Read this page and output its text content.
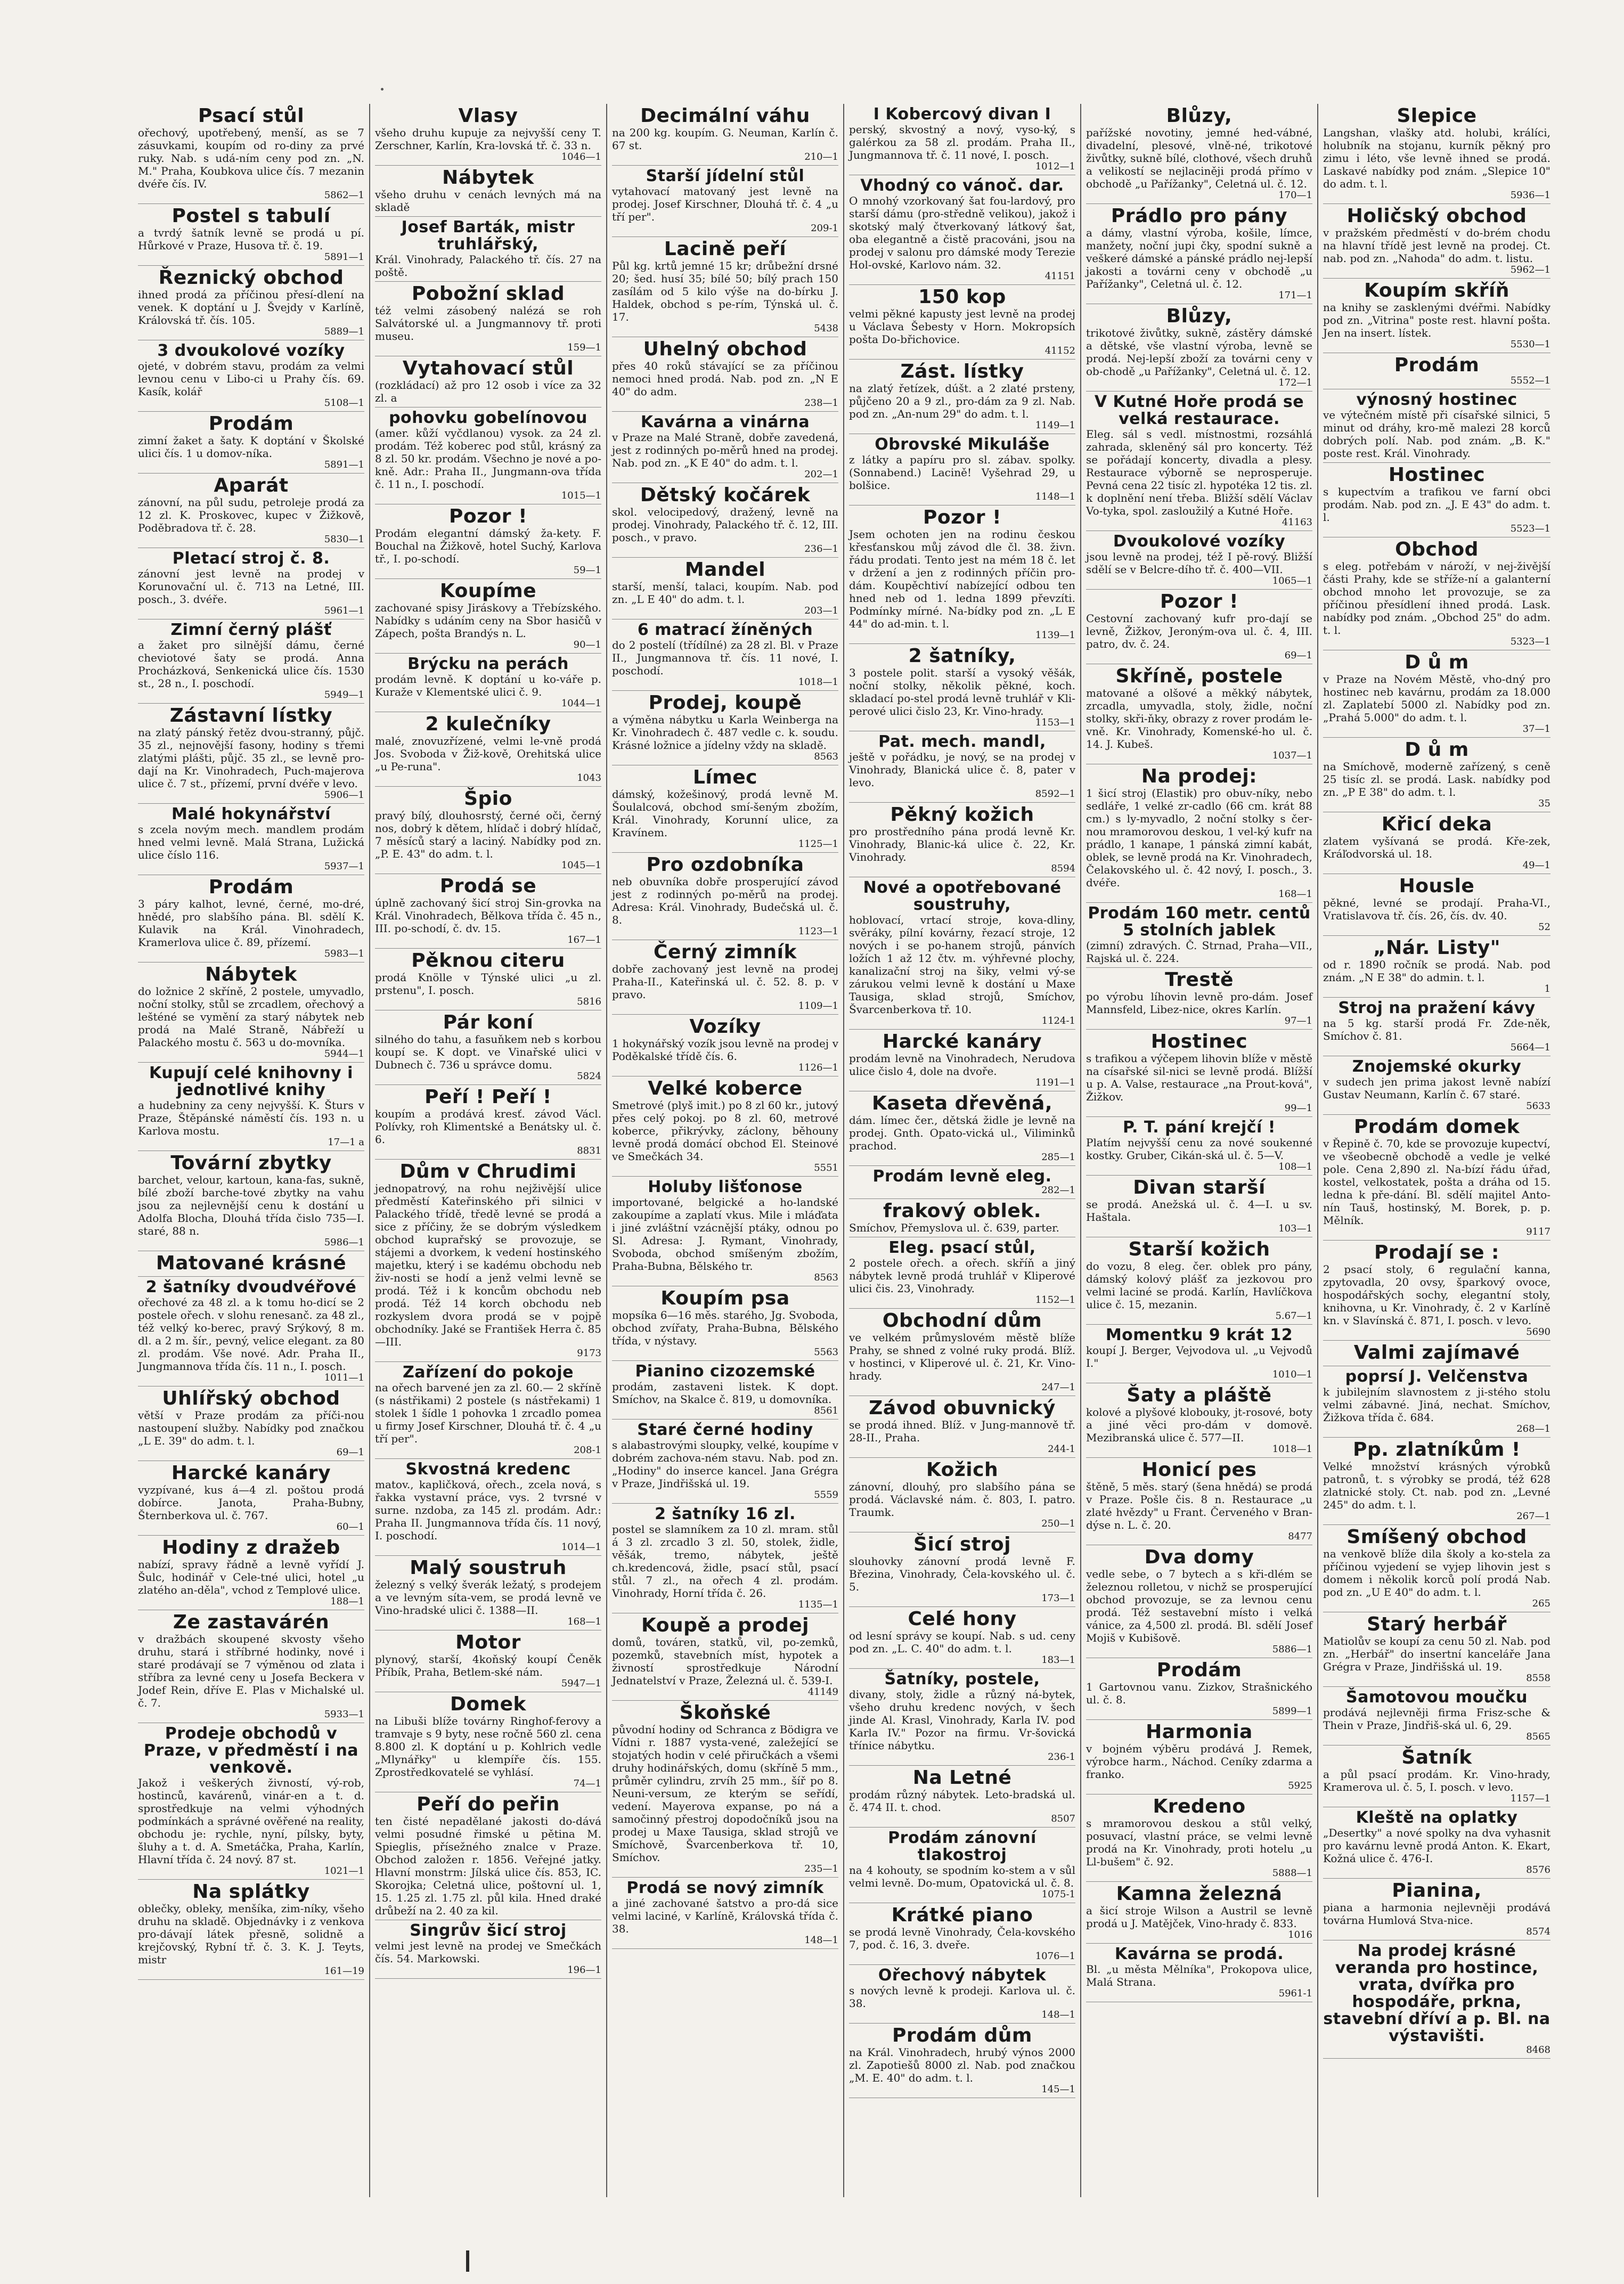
Psací stůl
ořechový, upotřebený, menší, as se 7 zásuvkami, koupím od ro-diny za prvé ruky. Nab. s udá-ním ceny pod zn. „N. M." Praha, Koubkova ulice čís. 7 mezanin dvéře čís. IV.
5862—1
Postel s tabulí
a tvrdý šatník levně se prodá u pí. Hůrkové v Praze, Husova tř. č. 19.
5891—1
Řeznický obchod
ihned prodá za příčinou přesí-dlení na venek. K doptání u J. Švejdy v Karlíně, Královská tř. čís. 105.
5889—1
3 dvoukolové vozíky
ojeté, v dobrém stavu, prodám za velmi levnou cenu v Libo-ci u Prahy čís. 69. Kasík, kolář
5108—1
Prodám
zimní žaket a šaty. K doptání v Školské ulici čís. 1 u domov-níka.
5891—1
Aparát
zánovní, na půl sudu, petroleje prodá za 12 zl. K. Proskovec, kupec v Žižkově, Poděbradova tř. č. 28.
5830—1
Pletací stroj č. 8.
zánovní jest levně na prodej v Korunovační ul. č. 713 na Letné, III. posch., 3. dvéře.
5961—1
Zimní černý plášť
a žaket pro silnější dámu, černé cheviotové šaty se prodá. Anna Procházková, Senkenická ulice čís. 1530 st., 28 n., I. poschodí.
5949—1
Zástavní lístky
na zlatý pánský řetěz dvou-stranný, půjč. 35 zl., nejnovější fasony, hodiny s třemi zlatými plášti, půjč. 35 zl., se levně pro-dají na Kr. Vinohradech, Puch-majerova ulice č. 7 st., přízemí, první dvéře v levo.
5906—1
Malé hokynářství
s zcela novým mech. mandlem prodám hned velmi levně. Malá Strana, Lužická ulice číslo 116.
5937—1
Prodám
3 páry kalhot, levné, černé, mo-dré, hnědé, pro slabšího pána. Bl. sdělí K. Kulavik na Král. Vinohradech, Kramerlova ulice č. 89, přízemí.
5983—1
Nábytek
do ložnice 2 skříně, 2 postele, umyvadlo, noční stolky, stůl se zrcadlem, ořechový a lešténé se vymění za starý nábytek neb prodá na Malé Straně, Nábřeží u Palackého mostu č. 563 u do-movníka.
5944—1
Kupují celé knihovny i jednotlivé knihy
a hudebniny za ceny nejvyšší. K. Šturs v Praze, Štěpánské náměstí čís. 193 n. u Karlova mostu.
17—1 a
Tovární zbytky
barchet, velour, kartoun, kana-fas, sukně, bílé zboží barche-tové zbytky na vahu jsou za nejlevnější cenu k dostání u Adolfa Blocha, Dlouhá třída čislo 735—I. staré, 88 n.
5986—1
Matované krásné
2 šatníky dvoudvéřové
ořechové za 48 zl. a k tomu ho-dicí se 2 postele ořech. v slohu renesanč. za 48 zl., též velký ko-berec, pravý Srýkový, 8 m. dl. a 2 m. šír., pevný, velice elegant. za 80 zl. prodám. Vše nové. Adr. Praha II., Jungmannova třída čís. 11 n., I. posch.
1011—1
Uhlířský obchod
větší v Praze prodám za příči-nou nastoupení služby. Nabídky pod značkou „L E. 39" do adm. t. l.
69—1
Harcké kanáry
vyzpívané, kus á—4 zl. poštou prodá dobírce. Janota, Praha-Bubny, Šternberkova ul. č. 767.
60—1
Hodiny z dražeb
nabízí, spravy řádně a levně vyřídí J. Šulc, hodinář v Cele-tné ulici, hotel „u zlatého an-děla", vchod z Templové ulice.
188—1
Ze zastavárén
v dražbách skoupené skvosty všeho druhu, stará i stříbrné hodinky, nové i staré prodávají se 7 výměnou od zlata i stříbra za levné ceny u Josefa Beckera v Jodef Rein, dříve E. Plas v Michalské ul. č. 7.
5933—1
Prodeje obchodů v Praze, v předměstí i na venkově.
Jakož i veškerých živností, vý-rob, hostinců, kavárenů, vinár-en a t. d. sprostředkuje na velmi výhodných podmínkách a správné ověřené na reality, obchodu je: rychle, nyní, pílsky, byty, šluhy a t. d. A. Smetáčka, Praha, Karlín, Hlavní třída č. 24 nový. 87 st.
1021—1
Na splátky
oblečky, obleky, menšíka, zim-níky, všeho druhu na skladě. Objednávky i z venkova pro-dávají látek přesně, solidně a krejčovský, Rybní tř. č. 3. K. J. Teyts, mistr
161—19
Vlasy
všeho druhu kupuje za nejvyšší ceny T. Zerschner, Karlín, Kra-lovská tř. č. 33 n.
1046—1
Nábytek
všeho druhu v cenách levných má na skladě
Josef Barták, mistr truhlářský,
Král. Vinohrady, Palackého tř. čís. 27 na poště.
Pobožní sklad
též velmi zásobený nalézá se roh Salvátorské ul. a Jungmannovy tř. proti museu.
159—1
Vytahovací stůl
(rozkládací) až pro 12 osob i více za 32 zl. a
pohovku gobelínovou
(amer. kůží vyčdlanou) vysok. za 24 zl. prodám. Též koberec pod stůl, krásný za 8 zl. 50 kr. prodám. Všechno je nové a po-kně. Adr.: Praha II., Jungmann-ova třída č. 11 n., I. poschodí.
1015—1
Pozor !
Prodám elegantní dámský ža-kety. F. Bouchal na Žižkově, hotel Suchý, Karlova tř., I. po-schodí.
59—1
Koupíme
zachované spisy Jiráskovy a Třebízského. Nabídky s udáním ceny na Sbor hasičů v Zápech, pošta Brandýs n. L.
90—1
Brýcku na perách
prodám levně. K doptání u ko-váře p. Kuraže v Klementské ulici č. 9.
1044—1
2 kulečníky
malé, znovuzřízené, velmi le-vně prodá Jos. Svoboda v Žiž-kově, Orehitská ulice „u Pe-runa".
1043
Špio
pravý bílý, dlouhosrstý, černé oči, černý nos, dobrý k dětem, hlídač i dobrý hlídač, 7 měsíců starý a laciný. Nabídky pod zn. „P. E. 43" do adm. t. l.
1045—1
Prodá se
úplně zachovaný šicí stroj Sin-grovka na Král. Vinohradech, Bělkova třída č. 45 n., III. po-schodí, č. dv. 15.
167—1
Pěknou citeru
prodá Knölle v Týnské ulici „u zl. prstenu", I. posch.
5816
Pár koní
silného do tahu, a fasuňkem neb s korbou koupí se. K dopt. ve Vinařské ulici v Dubnech č. 736 u správce domu.
5824
Peří ! Peří !
koupím a prodává kresť. závod Václ. Polívky, roh Klimentské a Benátsky ul. č. 6.
8831
Dům v Chrudimi
jednopatrový, na rohu nejživější ulice předměstí Kateřinského při silnici v Palackého třídě, tředě levné se prodá a sice z příčiny, že se dobrým výsledkem obchod kuprařský se provozuje, se stájemi a dvorkem, k vedení hostinského majetku, který i se kadému obchodu neb živ-nosti se hodí a jenž velmi levně se prodá. Též i k koncům obchodu neb prodá. Též 14 korch obchodu neb rozkyslem dvora prodá se v pojpě obchodníky. Jaké se František Herra č. 85—III.
9173
Zařízení do pokoje
na ořech barvené jen za zl. 60.— 2 skříně (s nástřikami) 2 postele (s nástřekami) 1 stolek 1 šídle 1 pohovka 1 zrcadlo pomea u firmy Josef Kirschner, Dlouhá tř. č. 4 „u tří per".
208-1
Skvostná kredenc
matov., kapličková, ořech., zcela nová, s řakka vystavní práce, vys. 2 tvrsné v surne. nzdoba, za 145 zl. prodám. Adr.: Praha II. Jungmannova třída čís. 11 nový, I. poschodí.
1014—1
Malý soustruh
železný s velký šverák ležatý, s prodejem a ve levným síta-vem, se prodá levně ve Vino-hradské ulici č. 1388—II.
168—1
Motor
plynový, starší, 4koňský koupí Čeněk Příbík, Praha, Betlem-ské nám.
5947—1
Domek
na Libuši blíže továrny Ringhof-ferovy a tramvaje s 9 byty, nese ročně 560 zl. cena 8.800 zl. K doptání u p. Kohlrich vedle „Mlynářky" u klempíře čís. 155. Zprostředkovatelé se vyhlásí.
74—1
Peří do peřin
ten čisté nepadělané jakosti do-dává velmi posudné řimské u pětina M. Spieglis, přísežného znalce v Praze. Obchod založen r. 1856. Veřejné jatky. Hlavní monstrm: Jílská ulice čís. 853, IC. Skorojka; Celetná ulice, poštovní ul. 1, 15. 1.25 zl. 1.75 zl. půl kila. Hned draké drůbeží na 2. 40 za kil.
Singrův šicí stroj
velmi jest levně na prodej ve Smečkách čís. 54. Markowski.
196—1
Decimální váhu
na 200 kg. koupím. G. Neuman, Karlín č. 67 st.
210—1
Starší jídelní stůl
vytahovací matovaný jest levně na prodej. Josef Kirschner, Dlouhá tř. č. 4 „u tří per".
209-1
Lacině peří
Půl kg. krtů jemné 15 kr; drůbežní drsné 20; šed. husí 35; bílé 50; bílý prach 150 zasílám od 5 kilo výše na do-bírku J. Haldek, obchod s pe-rím, Týnská ul. č. 17.
5438
Uhelný obchod
přes 40 roků stávající se za příčinou nemoci hned prodá. Nab. pod zn. „N E 40" do adm.
238—1
Kavárna a vinárna
v Praze na Malé Straně, dobře zavedená, jest z rodinných po-měrů hned na prodej. Nab. pod zn. „K E 40" do adm. t. l.
202—1
Dětský kočárek
skol. velocipedový, dražený, levně na prodej. Vinohrady, Palackého tř. č. 12, III. posch., v pravo.
236—1
Mandel
starší, menší, talaci, koupím. Nab. pod zn. „L E 40" do adm. t. l.
203—1
6 matrací žíněných
do 2 postelí (třídílné) za 28 zl. Bl. v Praze II., Jungmannova tř. čís. 11 nové, I. poschodí.
1018—1
Prodej, koupě
a výměna nábytku u Karla Weinberga na Kr. Vinohradech č. 487 vedle c. k. soudu. Krásné ložnice a jídelny vždy na skladě.
8563
Límec
dámský, kožešinový, prodá levně M. Šoulalcová, obchod smí-šeným zbožím, Král. Vinohrady, Korunní ulice, za Kravínem.
1125—1
Pro ozdobníka
neb obuvníka dobře prosperující závod jest z rodinných po-měrů na prodej. Adresa: Král. Vinohrady, Budečská ul. č. 8.
1123—1
Černý zimník
dobře zachovaný jest levně na prodej Praha-II., Kateřinská ul. č. 52. 8. p. v pravo.
1109—1
Vozíky
1 hokynářský vozík jsou levně na prodej v Poděkalské třídě čís. 6.
1126—1
Velké koberce
Smetrové (plyš imit.) po 8 zl 60 kr., jutový přes celý pokoj. po 8 zl. 60, metrové koberce, přikrývky, záclony, běhouny levně prodá domácí obchod El. Steinové ve Smečkách 34.
5551
Holuby lišťonose
importované, belgické a ho-landské zakoupíme a zaplatí vkus. Mile i mláďata i jiné zvláštní vzácnější ptáky, odnou po Sl. Adresa: J. Rymant, Vinohrady, Svoboda, obchod smíšeným zbožím, Praha-Bubna, Bělského tr.
8563
Koupím psa
mopsíka 6—16 měs. starého, Jg. Svoboda, obchod zvířaty, Praha-Bubna, Bělského třída, v nýstavy.
5563
Pianino cizozemské
prodám, zastaveni listek. K dopt. Smíchov, na Skalce č. 819, u domovníka.
8561
Staré černé hodiny
s alabastrovými sloupky, velké, koupíme v dobrém zachova-ném stavu. Nab. pod zn. „Hodiny" do inserce kancel. Jana Grégra v Praze, Jindřišská ul. 19.
5559
2 šatníky 16 zl.
postel se slamníkem za 10 zl. mram. stůl á 3 zl. zrcadlo 3 zl. 50, stolek, židle, věšák, tremo, nábytek, ještě ch.kredencová, židle, psací stůl, psací stůl. 7 zl., na ořech 4 zl. prodám. Vinohrady, Horní třída č. 26.
1135—1
Koupě a prodej
domů, továren, statků, vil, po-zemků, pozemků, stavebních míst, hypotek a živností sprostředkuje Národní Jednatelství v Praze, Železná ul. č. 539-I.
41149
Škoňské
původní hodiny od Schranca z Bödigra ve Vídni r. 1887 vysta-vené, zaležející se stojatých hodin v celé přiručkách a všemi druhy hodinářských, domu (skříně 5 mm., průměr cylindru, zrvíh 25 mm., šíř po 8. Neuni-versum, ze kterým se seřídí, vedení. Mayerova expanse, po ná a samočinný přestroj dopodočníků jsou na prodej u Maxe Tausiga, sklad strojů ve Smíchově, Švarcenberkova tř. 10, Smíchov.
235—1
Prodá se nový zimník
a jiné zachované šatstvo a pro-dá sice velmi laciné, v Karlíně, Královská třída č. 38.
148—1
I Kobercový divan I
perský, skvostný a nový, vyso-ký, s galérkou za 58 zl. prodám. Praha II., Jungmannova tř. č. 11 nové, I. posch.
1012—1
Vhodný co vánoč. dar.
O mnohý vzorkovaný šat fou-lardový, pro starší dámu (pro-středně velikou), jakož i skotský malý čtverkovaný látkový šat, oba elegantně a čistě pracováni, jsou na prodej v salonu pro dámské mody Terezie Hol-ovské, Karlovo nám. 32.
41151
150 kop
velmi pěkné kapusty jest levně na prodej u Václava Šebesty v Horn. Mokropsích pošta Do-břichovice.
41152
Zást. lístky
na zlatý řetízek, dúšt. a 2 zlaté prsteny, půjčeno 20 a 9 zl., pro-dám za 9 zl. Nab. pod zn. „An-num 29" do adm. t. l.
1149—1
Obrovské Mikuláše
z látky a papíru pro sl. zábav. spolky. (Sonnabend.) Lacině! Vyšehrad 29, u bolšice.
1148—1
Pozor !
Jsem ochoten jen na rodinu českou křesťanskou můj závod dle čl. 38. živn. řádu prodati. Tento jest na mém 18 č. let v držení a jen z rodinných příčin pro-dám. Koupěchtiví nabízející odbou ten hned neb od 1. ledna 1899 převzíti. Podmínky mírné. Na-bídky pod zn. „L E 44" do ad-min. t. l.
1139—1
2 šatníky,
3 postele polit. starší a vysoký věšák, noční stolky, několik pěkné, koch. skladací po-stel prodá levně truhlář v Kli-perové ulici čislo 23, Kr. Vino-hrady.
1153—1
Pat. mech. mandl,
ještě v pořádku, je nový, se na prodej v Vinohrady, Blanická ulice č. 8, pater v levo.
8592—1
Pěkný kožich
pro prostředního pána prodá levně Kr. Vinohrady, Blanic-ká ulice č. 22, Kr. Vinohrady.
8594
Nové a opotřebované soustruhy,
hoblovací, vrtací stroje, kova-dliny, svěráky, pílní kovárny, řezací stroje, 12 nových i se po-hanem strojů, pánvích ložích 1 až 12 čtv. m. výhřevné plochy, kanalizační stroj na šiky, velmi vý-se zárukou velmi levně k dostání u Maxe Tausiga, sklad strojů, Smíchov, Švarcenberkova tř. 10.
1124-1
Harcké kanáry
prodám levně na Vinohradech, Nerudova ulice čislo 4, dole na dvoře.
1191—1
Kaseta dřevěná,
dám. límec čer., dětská židle je levně na prodej. Gnth. Opato-vická ul., Viliminků prachod.
285—1
Prodám levně eleg.
282—1
frakový oblek.
Smíchov, Přemyslova ul. č. 639, parter.
Eleg. psací stůl,
2 postele ořech. a ořech. skříň a jiný nábytek levně prodá truhlář v Kliperové ulici čis. 23, Vinohrady.
1152—1
Obchodní dům
ve velkém průmyslovém městě blíže Prahy, se shned z volné ruky prodá. Blíž. v hostinci, v Kliperové ul. č. 21, Kr. Vino-hrady.
247—1
Závod obuvnický
se prodá ihned. Blíž. v Jung-mannově tř. 28-II., Praha.
244-1
Kožich
zánovní, dlouhý, pro slabšího pána se prodá. Václavské nám. č. 803, I. patro. Traumk.
250—1
Šicí stroj
slouhovky zánovní prodá levně F. Březina, Vinohrady, Čela-kovského ul. č. 5.
173—1
Celé hony
od lesní správy se koupí. Nab. s ud. ceny pod zn. „L. C. 40" do adm. t. l.
183—1
Šatníky, postele,
divany, stoly, židle a různý ná-bytek, všeho druhu kredenc nových, v šech jinde Al. Krasl, Vinohrady, Karla IV. pod Karla IV." Pozor na firmu. Vr-šovická třínice nábytku.
236-1
Na Letné
prodám různý nábytek. Leto-bradská ul. č. 474 II. t. chod.
8507
Prodám zánovní tlakostroj
na 4 kohouty, se spodním ko-stem a v sůl velmi levně. Do-mum, Opatovická ul. č. 8.
1075-1
Krátké piano
se prodá levně Vinohrady, Čela-kovského 7, pod. č. 16, 3. dveře.
1076—1
Ořechový nábytek
s nových levně k prodeji. Karlova ul. č. 38.
148—1
Prodám dům
na Král. Vinohradech, hrubý výnos 2000 zl. Zapotiešů 8000 zl. Nab. pod značkou „M. E. 40" do adm. t. l.
145—1
Blůzy,
pařížské novotiny, jemné hed-vábné, divadelní, plesové, vlně-né, trikotové živůtky, sukně bílé, clothové, všech druhů a velikostí se nejlaciněji prodá přímo v obchodě „u Pařížanky", Celetná ul. č. 12.
170—1
Prádlo pro pány
a dámy, vlastní výroba, košile, límce, manžety, noční jupi čky, spodní sukně a veškeré dámské a pánské prádlo nej-lepší jakosti a továrni ceny v obchodě „u Pařížanky", Celetná ul. č. 12.
171—1
Blůzy,
trikotové živůtky, sukně, zástěry dámské a dětské, vše vlastní výroba, levně se prodá. Nej-lepší zboží za továrni ceny v ob-chodě „u Pařížanky", Celetná ul. č. 12.
172—1
V Kutné Hoře prodá se velká restaurace.
Eleg. sál s vedl. místnostmi, rozsáhlá zahrada, skleněný sál pro koncerty. Též se pořádají koncerty, divadla a plesy. Restaurace výborně se neprosperuje. Pevná cena 22 tisíc zl. hypotéka 12 tis. zl. k doplnění není třeba. Bližší sdělí Václav Vo-tyka, spol. zasloužilý a Kutné Hoře.
41163
Dvoukolové vozíky
jsou levně na prodej, též I pě-rový. Bližší sdělí se v Belcre-dího tř. č. 400—VII.
1065—1
Pozor !
Cestovní zachovaný kufr pro-dají se levně, Žižkov, Jeroným-ova ul. č. 4, III. patro, dv. č. 24.
69—1
Skříně, postele
matované a olšové a měkký nábytek, zrcadla, umyvadla, stoly, židle, noční stolky, skři-ňky, obrazy z rover prodám le-vně. Kr. Vinohrady, Komenské-ho ul. č. 14. J. Kubeš.
1037—1
Na prodej:
1 šicí stroj (Elastik) pro obuv-níky, nebo sedláře, 1 velké zr-cadlo (66 cm. krát 88 cm.) s ly-myvadlo, 2 noční stolky s čer-nou mramorovou deskou, 1 vel-ký kufr na prádlo, 1 kanape, 1 pánská zimní kabát, oblek, se levně prodá na Kr. Vinohradech, Čelakovského ul. č. 42 nový, I. posch., 3. dvéře.
168—1
Prodám 160 metr. centů 5 stolních jablek
(zimní) zdravých. Č. Strnad, Praha—VII., Rajská ul. č. 224.
Trestě
po výrobu líhovin levně pro-dám. Josef Mannsfeld, Libez-nice, okres Karlín.
97—1
Hostinec
s trafikou a výčepem lihovin blíže v městě na císařské sil-nici se levně prodá. Blížší u p. A. Valse, restaurace „na Prout-ková", Žižkov.
99—1
P. T. pání krejčí !
Platím nejvyšší cenu za nové soukenné kostky. Gruber, Cikán-ská ul. č. 5—V.
108—1
Divan starší
se prodá. Anežská ul. č. 4—I. u sv. Haštala.
103—1
Starší kožich
do vozu, 8 eleg. čer. oblek pro pány, dámský kolový plášť za jezkovou pro velmi laciné se prodá. Karlín, Havlíčkova ulice č. 15, mezanin.
5.67—1
Momentku 9 krát 12
koupí J. Berger, Vejvodova ul. „u Vejvodů I."
1010—1
Šaty a pláště
kolové a plyšové klobouky, jt-rosové, boty a jiné věci pro-dám v domově. Mezibranská ulice č. 577—II.
1018—1
Honicí pes
štěně, 5 měs. starý (šena hnědá) se prodá v Praze. Pošle čis. 8 n. Restaurace „u zlaté hvězdy" u Frant. Červeného v Bran-dýse n. L. č. 20.
8477
Dva domy
vedle sebe, o 7 bytech a s kři-dlém se železnou rolletou, v nichž se prosperující obchod provozuje, se za levnou cenu prodá. Též sestavební místo i velká vánice, za 4,500 zl. prodá. Bl. sdělí Josef Mojiš v Kubišově.
5886—1
Prodám
1 Gartovnou vanu. Zizkov, Strašnického ul. č. 8.
5899—1
Harmonia
v bojném výběru prodává J. Remek, výrobce harm., Náchod. Ceníky zdarma a franko.
5925
Kredeno
s mramorovou deskou a stůl velký, posuvací, vlastní práce, se velmi levně prodá na Kr. Vinohrady, proti hotelu „u Ll-bušem" č. 92.
5888—1
Kamna železná
a šicí stroje Wilson a Austril se levně prodá u J. Matějček, Vino-hrady č. 833.
1016
Kavárna se prodá.
Bl. „u města Mělníka", Prokopova ulice, Malá Strana.
5961-1
Slepice
Langshan, vlašky atd. holubi, králíci, holubník na stojanu, kurník pěkný pro zimu i léto, vše levně ihned se prodá. Laskavé nabídky pod znám. „Slepice 10" do adm. t. l.
5936—1
Holičský obchod
v pražském předměstí v do-brém chodu na hlavní třídě jest levně na prodej. Ct. nab. pod zn. „Nahoda" do adm. t. listu.
5962—1
Koupím skříň
na knihy se zasklenými dvéřmi. Nabídky pod zn. „Vitrina" poste rest. hlavní pošta. Jen na insert. lístek.
5530—1
Prodám
5552—1
výnosný hostinec
ve výtečném místě při císařské silnici, 5 minut od dráhy, kro-mě malezi 28 korců dobrých polí. Nab. pod znám. „B. K." poste rest. Král. Vinohrady.
Hostinec
s kupectvím a trafikou ve farní obci prodám. Nab. pod zn. „J. E 43" do adm. t. l.
5523—1
Obchod
s eleg. potřebám v nároží, v nej-živější části Prahy, kde se stříže-ní a galanterní obchod mnoho let provozuje, se za příčinou přesídlení ihned prodá. Lask. nabídky pod znám. „Obchod 25" do adm. t. l.
5323—1
D ů m
v Praze na Novém Městě, vho-dný pro hostinec neb kavárnu, prodám za 18.000 zl. Zaplatebí 5000 zl. Nabídky pod zn. „Prahá 5.000" do adm. t. l.
37—1
D ů m
na Smíchově, moderně zařízený, s ceně 25 tisíc zl. se prodá. Lask. nabídky pod zn. „P E 38" do adm. t. l.
35
Křicí deka
zlatem vyšívaná se prodá. Kře-zek, Kráľodvorská ul. 18.
49—1
Housle
pěkné, levné se prodají. Praha-VI., Vratislavova tř. čís. 26, čís. dv. 40.
52
„Nár. Listy"
od r. 1890 ročník se prodá. Nab. pod znám. „N E 38" do admin. t. l.
1
Stroj na pražení kávy
na 5 kg. starší prodá Fr. Zde-něk, Smíchov č. 81.
5664—1
Znojemské okurky
v sudech jen prima jakost levně nabízí Gustav Neumann, Karlín č. 67 staré.
5633
Prodám domek
v Řepině č. 70, kde se provozuje kupectví, ve všeobecně obchodě a vedle je velké pole. Cena 2,890 zl. Na-bízí řádu úřad, kostel, velkostatek, pošta a dráha od 15. ledna k pře-dání. Bl. sdělí majitel Anto-nín Tauš, hostinský, M. Borek, p. p. Mělník.
9117
Prodají se :
2 psací stoly, 6 regulační kanna, zpytovadla, 20 ovsy, šparkový ovoce, hospodářských sochy, elegantní stoly, knihovna, u Kr. Vinohrady, č. 2 v Karlíně kn. v Slavínská č. 871, I. posch. v levo.
5690
Valmi zajímavé
poprsí J. Velčenstva
k jubilejním slavnostem z ji-stého stolu velmi zábavné. Jiná, nechat. Smíchov, Žižkova třída č. 684.
268—1
Pp. zlatníkům !
Velké množství krásných výrobků patronů, t. s výrobky se prodá, též 628 zlatnické stoly. Ct. nab. pod zn. „Levné 245" do adm. t. l.
267—1
Smíšený obchod
na venkově blíže dila školy a ko-stela za příčinou vyjedení se vyjep lihovin jest s domem i několik korců polí prodá Nab. pod zn. „U E 40" do adm. t. l.
265
Starý herbář
Matiolův se koupí za cenu 50 zl. Nab. pod zn. „Herbář" do insertní kanceláře Jana Grégra v Praze, Jindřišská ul. 19.
8558
Šamotovou moučku
prodává nejlevněji firma Frisz-sche & Thein v Praze, Jindřiš-ská ul. 6, 29.
8565
Šatník
a půl psací prodám. Kr. Vino-hrady, Kramerova ul. č. 5, I. posch. v levo.
1157—1
Kleště na oplatky
„Desertky" a nové spolky na dva vyhasnit pro kavárnu levně prodá Anton. K. Ekart, Kožná ulice č. 476-I.
8576
Pianina,
piana a harmonia nejlevněji prodává továrna Humlová Stva-nice.
8574
Na prodej krásné veranda pro hostince, vrata, dvířka pro hospodáře, prkna, stavební dříví a p. Bl. na výstavišti.
8468
